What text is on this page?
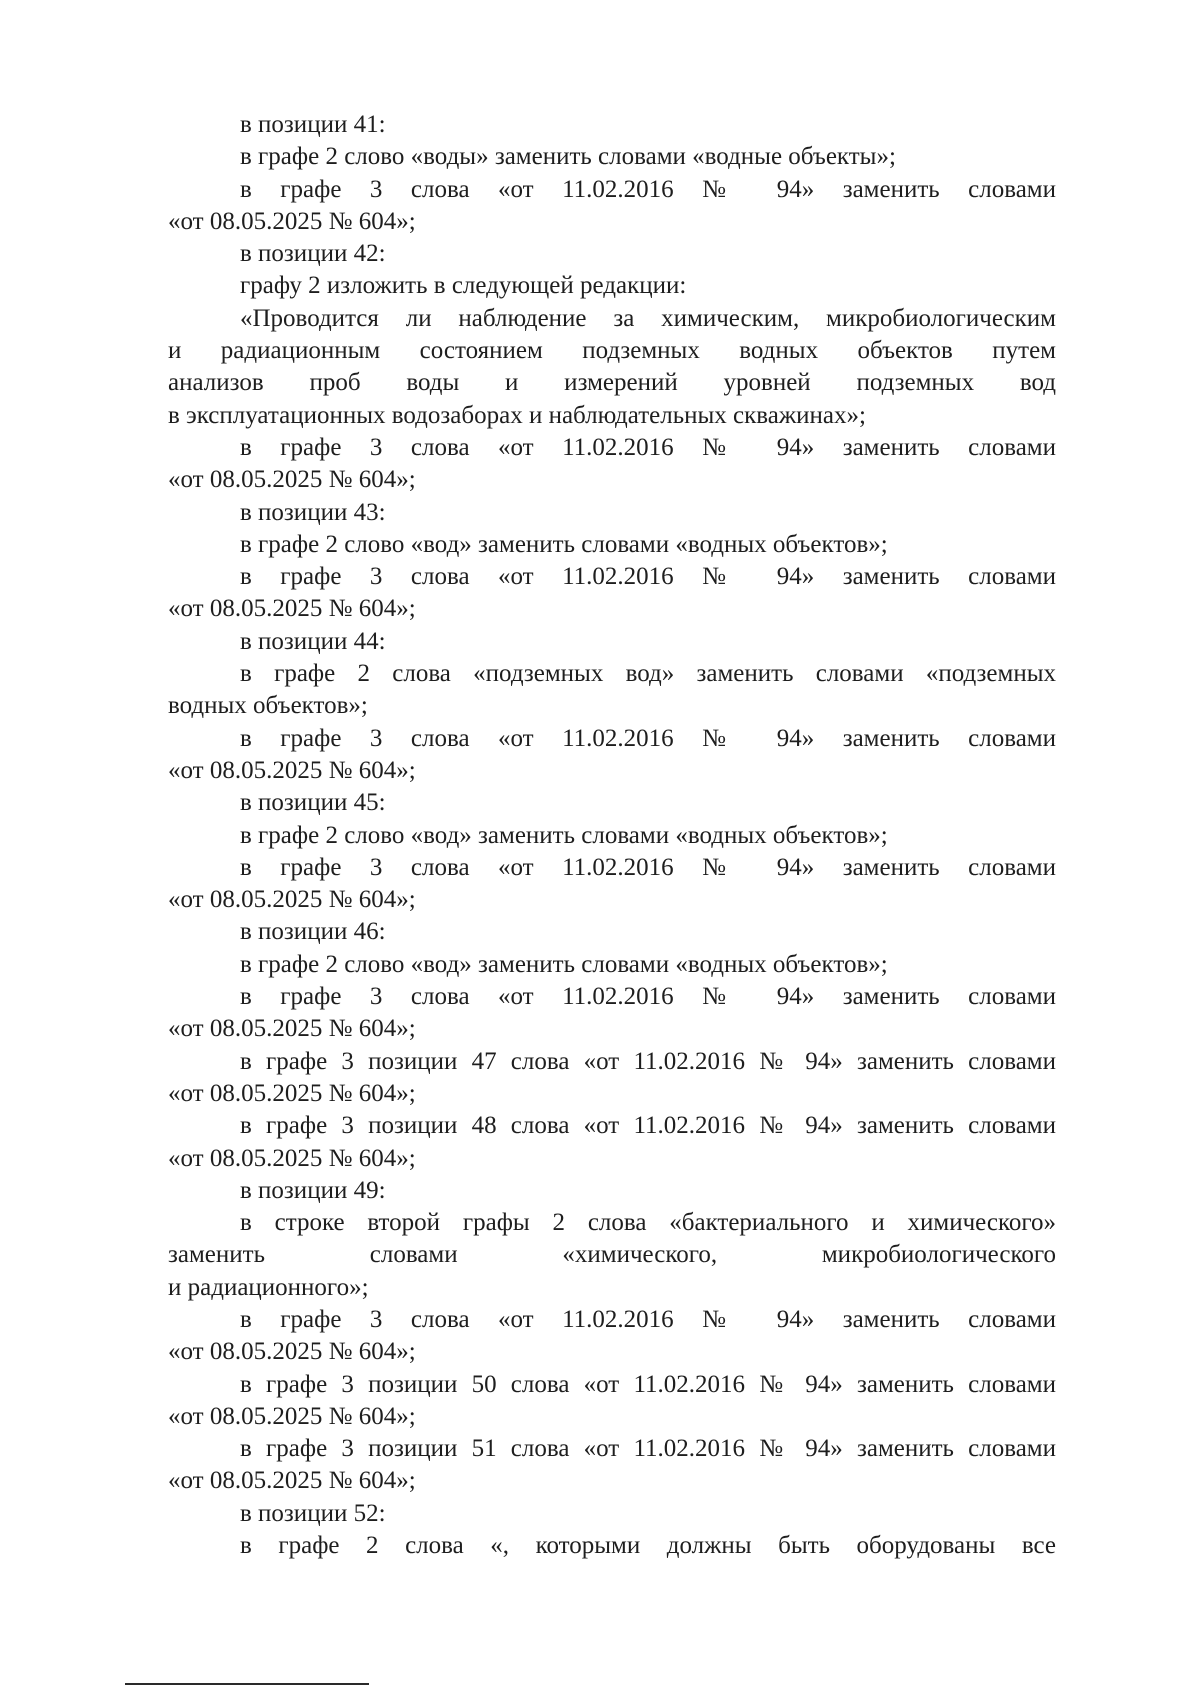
в позиции 41:
в графе 2 слово «воды» заменить словами «водные объекты»;
в графе 3 слова «от 11.02.2016 № 94» заменить словами
«от 08.05.2025 № 604»;
в позиции 42:
графу 2 изложить в следующей редакции:
«Проводится ли наблюдение за химическим, микробиологическим
и радиационным состоянием подземных водных объектов путем
анализов проб воды и измерений уровней подземных вод
в эксплуатационных водозаборах и наблюдательных скважинах»;
в графе 3 слова «от 11.02.2016 № 94» заменить словами
«от 08.05.2025 № 604»;
в позиции 43:
в графе 2 слово «вод» заменить словами «водных объектов»;
в графе 3 слова «от 11.02.2016 № 94» заменить словами
«от 08.05.2025 № 604»;
в позиции 44:
в графе 2 слова «подземных вод» заменить словами «подземных
водных объектов»;
в графе 3 слова «от 11.02.2016 № 94» заменить словами
«от 08.05.2025 № 604»;
в позиции 45:
в графе 2 слово «вод» заменить словами «водных объектов»;
в графе 3 слова «от 11.02.2016 № 94» заменить словами
«от 08.05.2025 № 604»;
в позиции 46:
в графе 2 слово «вод» заменить словами «водных объектов»;
в графе 3 слова «от 11.02.2016 № 94» заменить словами
«от 08.05.2025 № 604»;
в графе 3 позиции 47 слова «от 11.02.2016 № 94» заменить словами
«от 08.05.2025 № 604»;
в графе 3 позиции 48 слова «от 11.02.2016 № 94» заменить словами
«от 08.05.2025 № 604»;
в позиции 49:
в строке второй графы 2 слова «бактериального и химического»
заменить словами «химического, микробиологического
и радиационного»;
в графе 3 слова «от 11.02.2016 № 94» заменить словами
«от 08.05.2025 № 604»;
в графе 3 позиции 50 слова «от 11.02.2016 № 94» заменить словами
«от 08.05.2025 № 604»;
в графе 3 позиции 51 слова «от 11.02.2016 № 94» заменить словами
«от 08.05.2025 № 604»;
в позиции 52:
в графе 2 слова «, которыми должны быть оборудованы все
